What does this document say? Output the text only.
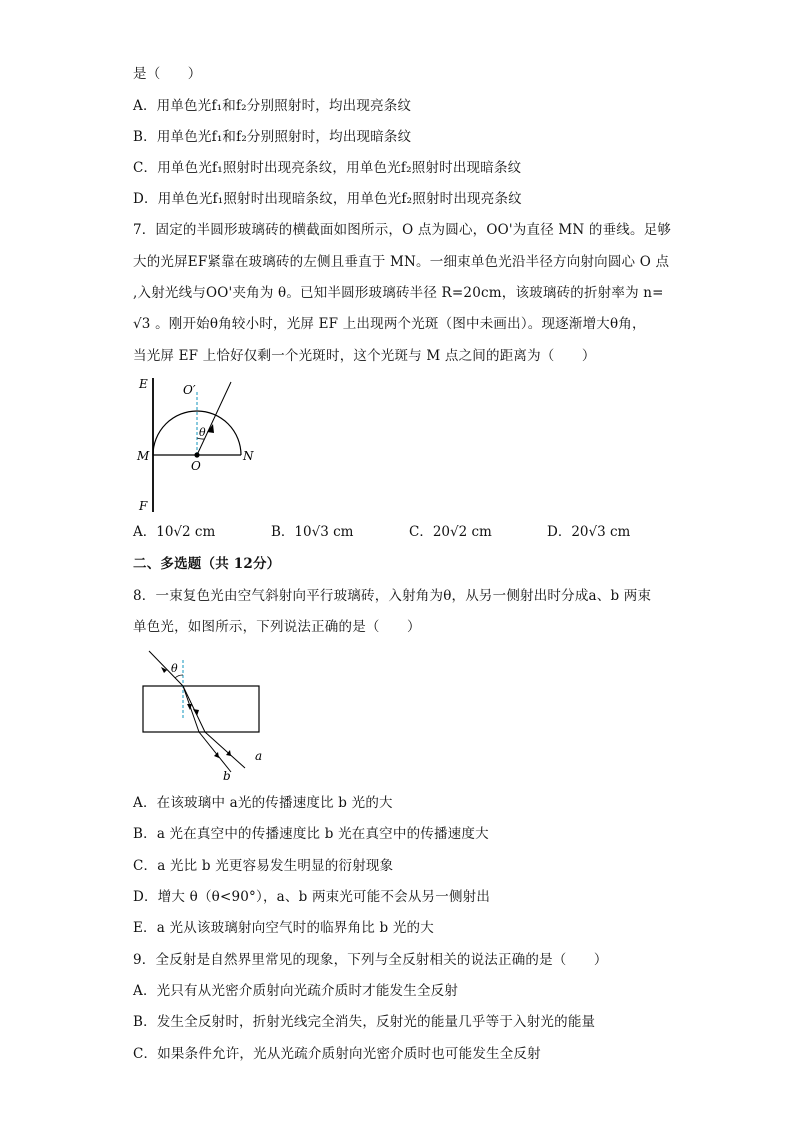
是（　　）
A．用单色光f₁和f₂分别照射时，均出现亮条纹
B．用单色光f₁和f₂分别照射时，均出现暗条纹
C．用单色光f₁照射时出现亮条纹，用单色光f₂照射时出现暗条纹
D．用单色光f₁照射时出现暗条纹，用单色光f₂照射时出现亮条纹
7．固定的半圆形玻璃砖的横截面如图所示，O 点为圆心，OO'为直径 MN 的垂线。足够
大的光屏EF紧靠在玻璃砖的左侧且垂直于 MN。一细束单色光沿半径方向射向圆心 O 点
,入射光线与OO'夹角为 θ。已知半圆形玻璃砖半径 R=20cm，该玻璃砖的折射率为 n=
√3 。刚开始θ角较小时，光屏 EF 上出现两个光斑（图中未画出）。现逐渐增大θ角，
当光屏 EF 上恰好仅剩一个光斑时，这个光斑与 M 点之间的距离为（　　）
E	O′
θ
M
O
N
F
A．10√2 cm	B．10√3 cm	C．20√2 cm	D．20√3 cm
二、多选题（共 12分）
8．一束复色光由空气斜射向平行玻璃砖，入射角为θ，从另一侧射出时分成a、b 两束
单色光，如图所示，下列说法正确的是（　　）
θ
a
b
A．在该玻璃中 a光的传播速度比 b 光的大
B．a 光在真空中的传播速度比 b 光在真空中的传播速度大
C．a 光比 b 光更容易发生明显的衍射现象
D．增大 θ（θ<90°），a、b 两束光可能不会从另一侧射出
E．a 光从该玻璃射向空气时的临界角比 b 光的大
9．全反射是自然界里常见的现象，下列与全反射相关的说法正确的是（　　）
A．光只有从光密介质射向光疏介质时才能发生全反射
B．发生全反射时，折射光线完全消失，反射光的能量几乎等于入射光的能量
C．如果条件允许，光从光疏介质射向光密介质时也可能发生全反射
